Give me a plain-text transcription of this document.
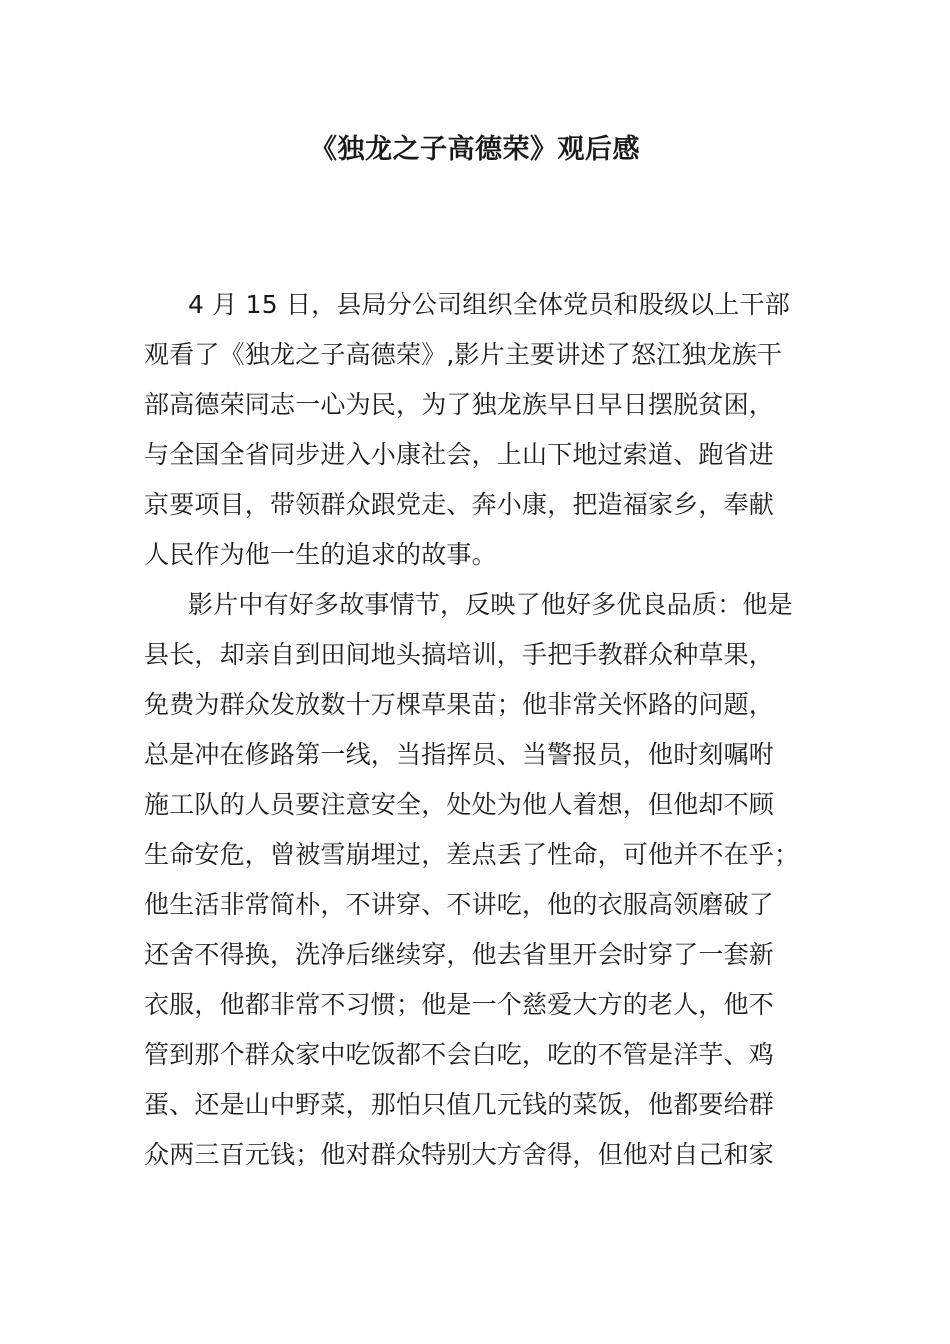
《独龙之子高德荣》观后感
4 月 15 日，县局分公司组织全体党员和股级以上干部
观看了《独龙之子高德荣》,影片主要讲述了怒江独龙族干
部高德荣同志一心为民，为了独龙族早日早日摆脱贫困，
与全国全省同步进入小康社会，上山下地过索道、跑省进
京要项目，带领群众跟党走、奔小康，把造福家乡，奉献
人民作为他一生的追求的故事。
影片中有好多故事情节，反映了他好多优良品质：他是
县长，却亲自到田间地头搞培训，手把手教群众种草果，
免费为群众发放数十万棵草果苗；他非常关怀路的问题，
总是冲在修路第一线，当指挥员、当警报员，他时刻嘱咐
施工队的人员要注意安全，处处为他人着想，但他却不顾
生命安危，曾被雪崩埋过，差点丢了性命，可他并不在乎；
他生活非常简朴，不讲穿、不讲吃，他的衣服高领磨破了
还舍不得换，洗净后继续穿，他去省里开会时穿了一套新
衣服，他都非常不习惯；他是一个慈爱大方的老人，他不
管到那个群众家中吃饭都不会白吃，吃的不管是洋芋、鸡
蛋、还是山中野菜，那怕只值几元钱的菜饭，他都要给群
众两三百元钱；他对群众特别大方舍得，但他对自己和家
